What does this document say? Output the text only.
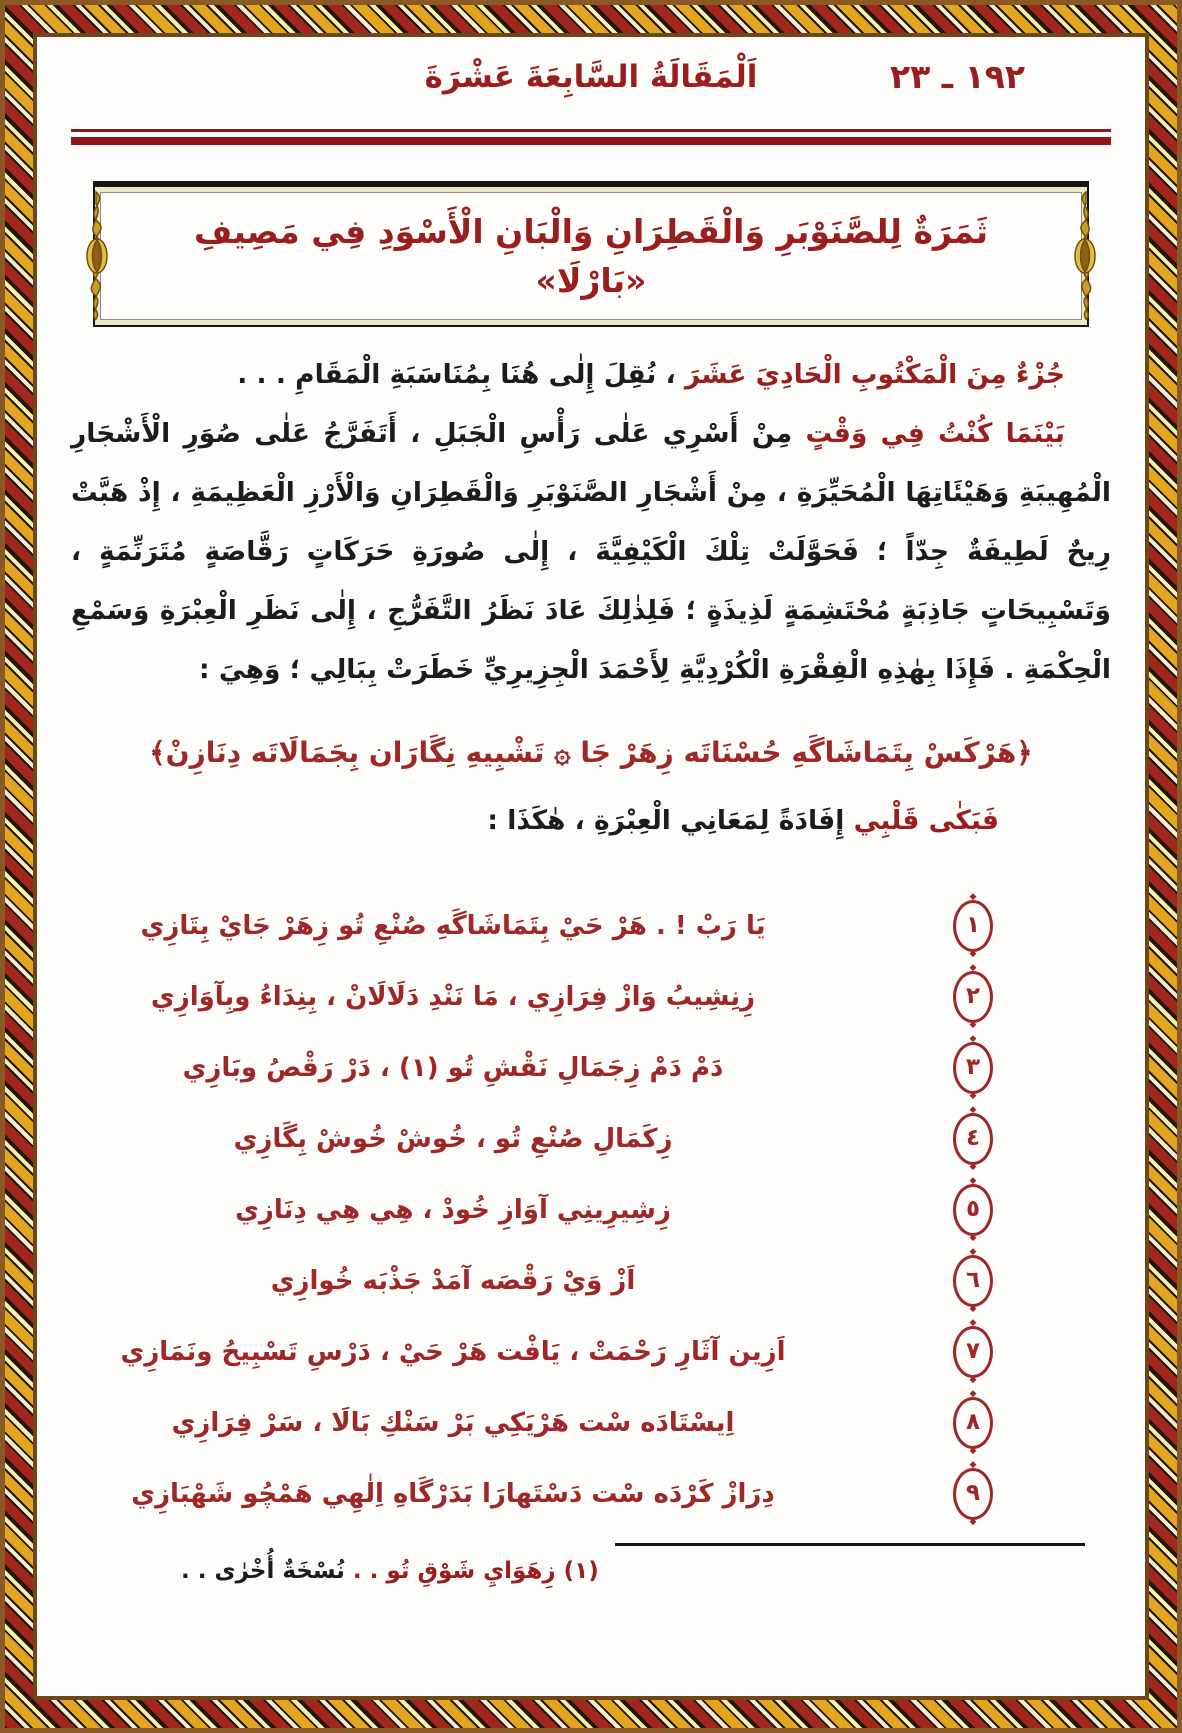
اَلْمَقَالَةُ السَّابِعَةَ عَشْرَةَ	١٩٢ ـ ٢٣
ثَمَرَةٌ لِلصَّنَوْبَرِ وَالْقَطِرَانِ وَالْبَانِ الْأَسْوَدِ فِي مَصِيفِ «بَارْلَا»

جُزْءٌ مِنَ الْمَكْتُوبِ الْحَادِيَ عَشَرَ ، نُقِلَ إِلٰى هُنَا بِمُنَاسَبَةِ الْمَقَامِ . . .

بَيْنَمَا كُنْتُ فِي وَقْتٍ مِنْ أَسْرِي عَلٰى رَأْسِ الْجَبَلِ ، أَتَفَرَّجُ عَلٰى صُوَرِ الْأَشْجَارِ الْمُهِيبَةِ وَهَيْئَاتِهَا الْمُحَيِّرَةِ ، مِنْ أَشْجَارِ الصَّنَوْبَرِ وَالْقَطِرَانِ وَالْأَرْزِ الْعَظِيمَةِ ، إِذْ هَبَّتْ رِيحٌ لَطِيفَةٌ جِدّاً ؛ فَحَوَّلَتْ تِلْكَ الْكَيْفِيَّةَ ، إِلٰى صُورَةِ حَرَكَاتٍ رَقَّاصَةٍ مُتَرَنِّمَةٍ ، وَتَسْبِيحَاتٍ جَاذِبَةٍ مُحْتَشِمَةٍ لَذِيذَةٍ ؛ فَلِذٰلِكَ عَادَ نَظَرُ التَّفَرُّجِ ، إِلٰى نَظَرِ الْعِبْرَةِ وَسَمْعِ الْحِكْمَةِ . فَإِذَا بِهٰذِهِ الْفِقْرَةِ الْكُرْدِيَّةِ لِأَحْمَدَ الْجِزِيرِيِّ خَطَرَتْ بِبَالِي ؛ وَهِيَ :

﴿هَرْكَسْ بِتَمَاشَاگَهِ حُسْنَاتَه زِهَرْ جَا ۞ تَشْبِيهِ نِگَارَان بِجَمَالَاتَه دِنَازِنْ﴾

فَبَكٰى قَلْبِي إِفَادَةً لِمَعَانِي الْعِبْرَةِ ، هٰكَذَا :

◆ ١ ◆
يَا رَبْ ! . هَرْ حَيْ بِتَمَاشَاگَهِ صُنْعِ تُو زِهَرْ جَايْ بِتَازِي
◆ ٢ ◆
زِنِشِيبُ وَازْ فِرَازِي ، مَا نَنْدِ دَلَالَانْ ، بِنِدَاءُ وبِآوَازِي
◆ ٣ ◆
دَمْ دَمْ زِجَمَالِ نَقْشِ تُو (١) ، دَرْ رَقْصُ وبَازِي
◆ ٤ ◆
زِكَمَالِ صُنْعِ تُو ، خُوشْ خُوشْ بِگَازِي
◆ ٥ ◆
زِشِيرِينِي آوَازِ خُودْ ، هِي هِي دِنَازِي
◆ ٦ ◆
اَزْ وَيْ رَقْصَه آمَدْ جَذْبَه خُوازِي
◆ ٧ ◆
اَزِين آثَارِ رَحْمَتْ ، يَافْت هَرْ حَيْ ، دَرْسِ تَسْبِيحُ ونَمَازِي
◆ ٨ ◆
اِيسْتَادَه سْت هَرْيَكِي بَرْ سَنْكِ بَالَا ، سَرْ فِرَازِي
◆ ٩ ◆
دِرَازْ كَرْدَه سْت دَسْتَهارَا بَدَرْگَاهِ اِلٰهِي هَمْچُو شَهْبَازِي
(١) زِهَوَايِ شَوْقِ تُو . . نُسْخَةٌ أُخْرٰى . .
